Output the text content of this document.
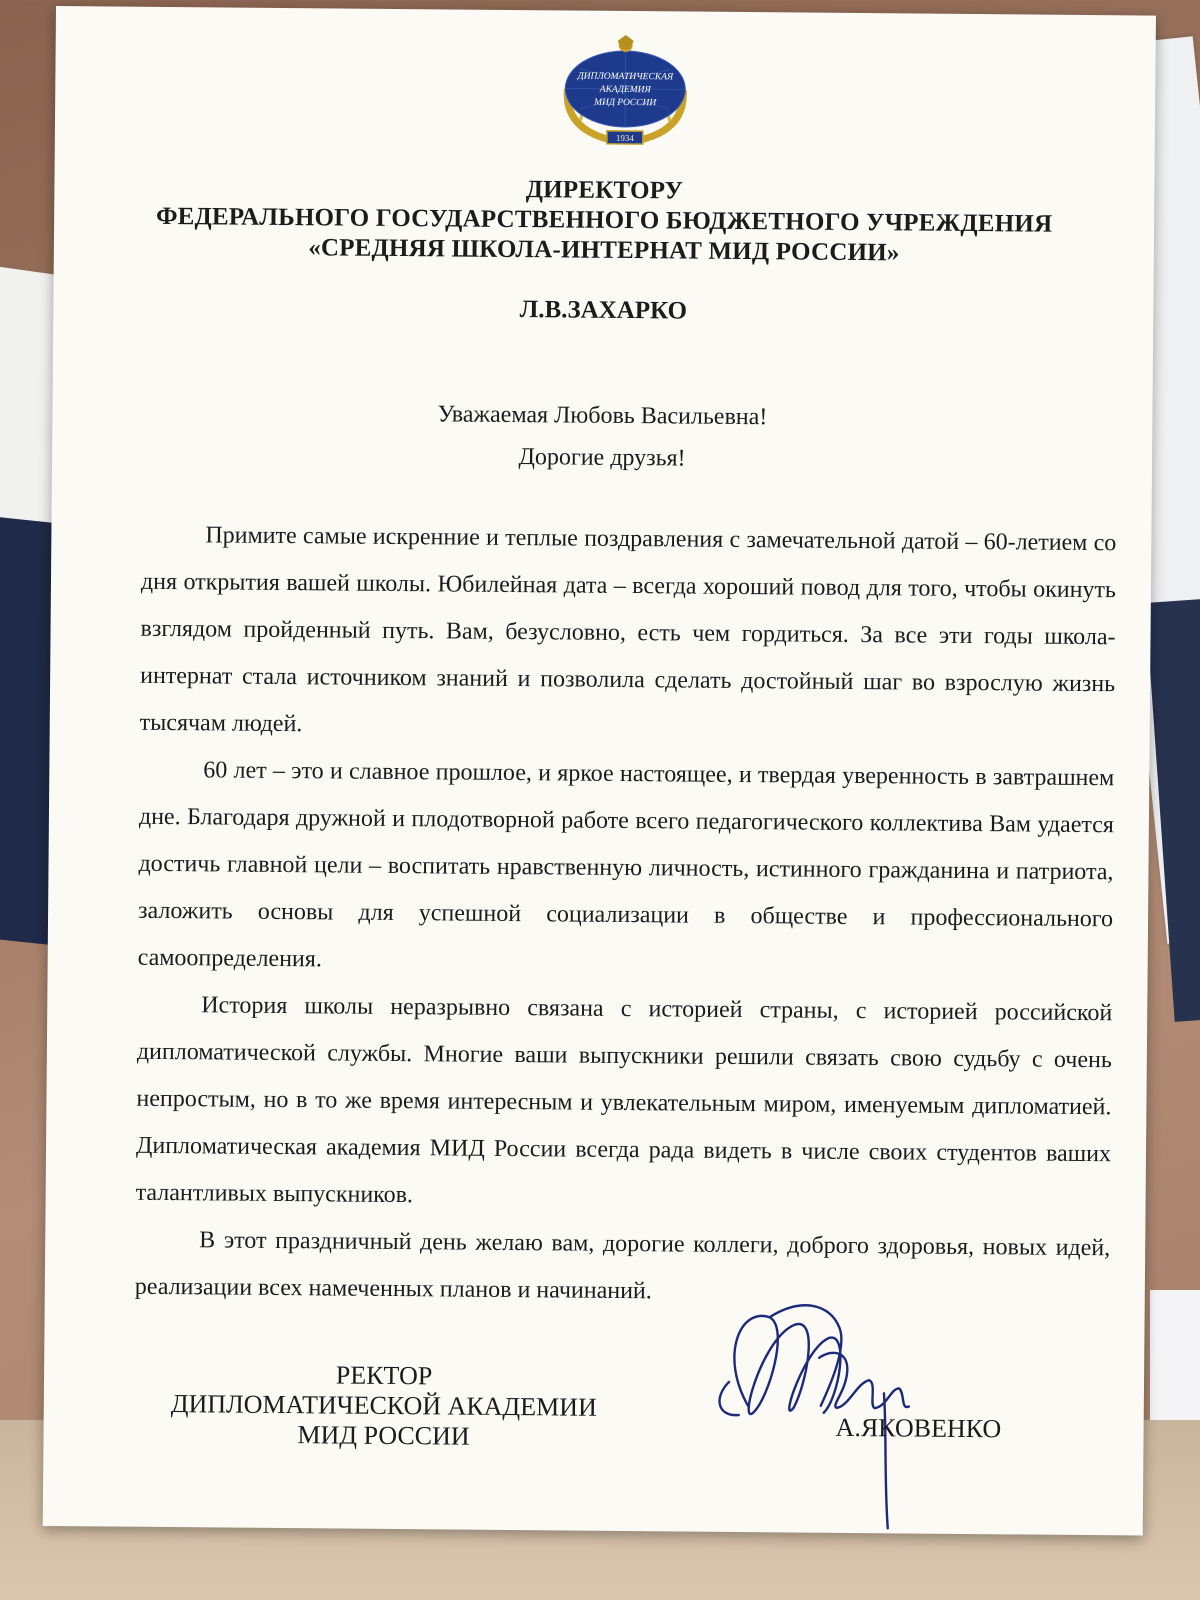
1934
ДИПЛОМАТИЧЕСКАЯ
АКАДЕМИЯ
МИД РОССИИ
ДИРЕКТОРУ
ФЕДЕРАЛЬНОГО ГОСУДАРСТВЕННОГО БЮДЖЕТНОГО УЧРЕЖДЕНИЯ
«СРЕДНЯЯ ШКОЛА-ИНТЕРНАТ МИД РОССИИ»
Л.В.ЗАХАРКО
Уважаемая Любовь Васильевна!
Дорогие друзья!

Примите самые искренние и теплые поздравления с замечательной датой – 60-летием со дня открытия вашей школы. Юбилейная дата – всегда хороший повод для того, чтобы окинуть взглядом пройденный путь. Вам, безусловно, есть чем гордиться. За все эти годы школа-интернат стала источником знаний и позволила сделать достойный шаг во взрослую жизнь тысячам людей.

60 лет – это и славное прошлое, и яркое настоящее, и твердая уверенность в завтрашнем дне. Благодаря дружной и плодотворной работе всего педагогического коллектива Вам удается достичь главной цели – воспитать нравственную личность, истинного гражданина и патриота, заложить основы для успешной социализации в обществе и профессионального самоопределения.

История школы неразрывно связана с историей страны, с историей российской дипломатической службы. Многие ваши выпускники решили связать свою судьбу с очень непростым, но в то же время интересным и увлекательным миром, именуемым дипломатией. Дипломатическая академия МИД России всегда рада видеть в числе своих студентов ваших талантливых выпускников.

В этот праздничный день желаю вам, дорогие коллеги, доброго здоровья, новых идей, реализации всех намеченных планов и начинаний.

РЕКТОР
ДИПЛОМАТИЧЕСКОЙ АКАДЕМИИ
МИД РОССИИ	А.ЯКОВЕНКО
